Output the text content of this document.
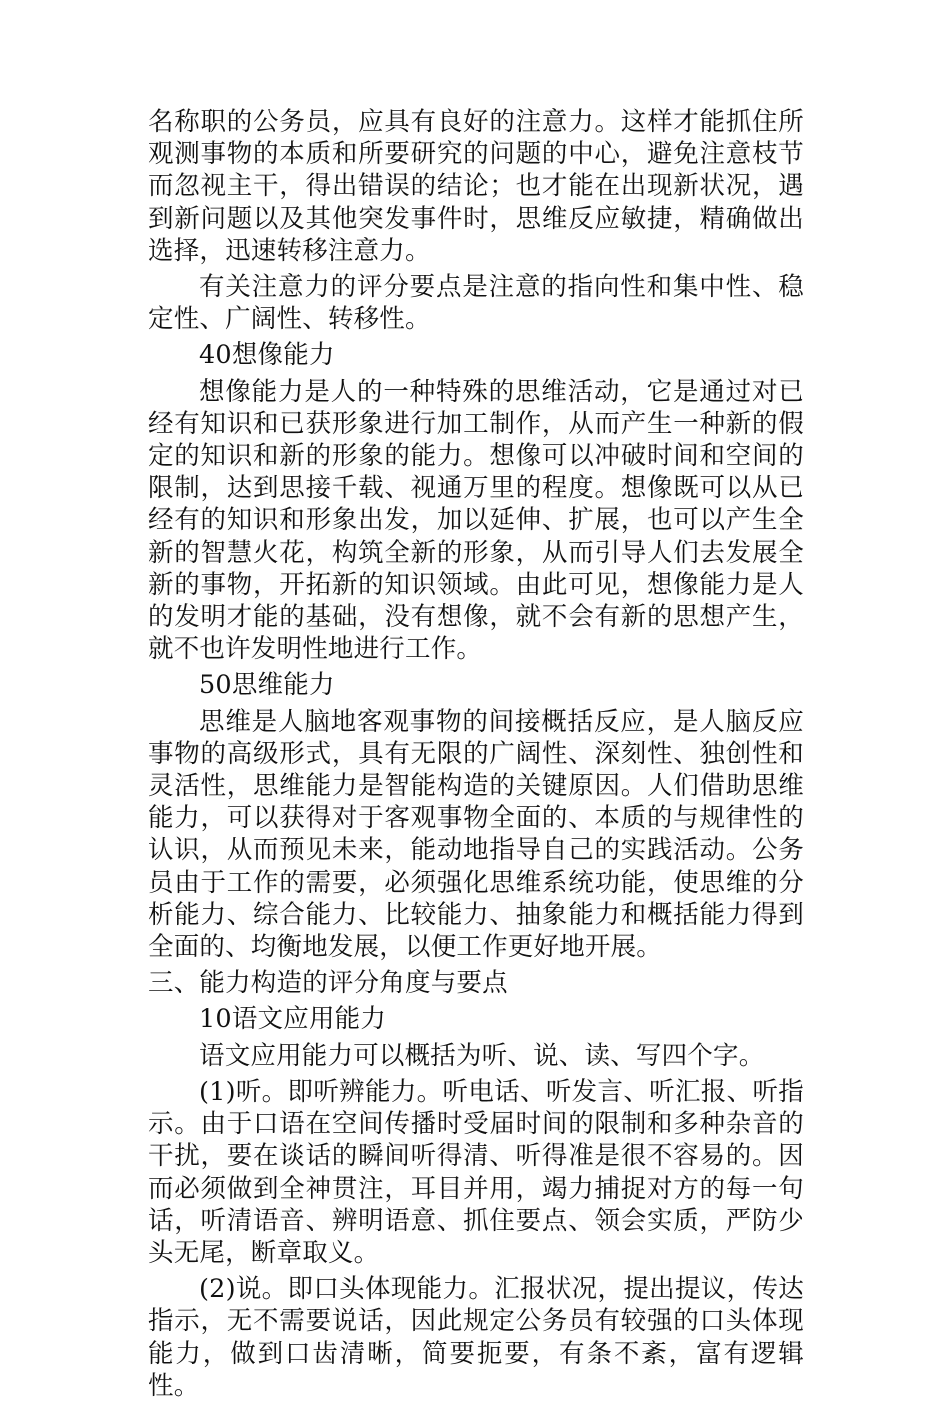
名称职的公务员，应具有良好的注意力。这样才能抓住所观测事物的本质和所要研究的问题的中心，避免注意枝节而忽视主干，得出错误的结论；也才能在出现新状况，遇到新问题以及其他突发事件时，思维反应敏捷，精确做出选择，迅速转移注意力。

有关注意力的评分要点是注意的指向性和集中性、稳定性、广阔性、转移性。

40想像能力

想像能力是人的一种特殊的思维活动，它是通过对已经有知识和已获形象进行加工制作，从而产生一种新的假定的知识和新的形象的能力。想像可以冲破时间和空间的限制，达到思接千载、视通万里的程度。想像既可以从已经有的知识和形象出发，加以延伸、扩展，也可以产生全新的智慧火花，构筑全新的形象，从而引导人们去发展全新的事物，开拓新的知识领域。由此可见，想像能力是人的发明才能的基础，没有想像，就不会有新的思想产生，就不也许发明性地进行工作。

50思维能力

思维是人脑地客观事物的间接概括反应，是人脑反应事物的高级形式，具有无限的广阔性、深刻性、独创性和灵活性，思维能力是智能构造的关键原因。人们借助思维能力，可以获得对于客观事物全面的、本质的与规律性的认识，从而预见未来，能动地指导自己的实践活动。公务员由于工作的需要，必须强化思维系统功能，使思维的分析能力、综合能力、比较能力、抽象能力和概括能力得到全面的、均衡地发展，以便工作更好地开展。

三、能力构造的评分角度与要点

10语文应用能力

语文应用能力可以概括为听、说、读、写四个字。

(1)听。即听辨能力。听电话、听发言、听汇报、听指示。由于口语在空间传播时受届时间的限制和多种杂音的干扰，要在谈话的瞬间听得清、听得准是很不容易的。因而必须做到全神贯注，耳目并用，竭力捕捉对方的每一句话，听清语音、辨明语意、抓住要点、领会实质，严防少头无尾，断章取义。

(2)说。即口头体现能力。汇报状况，提出提议，传达指示，无不需要说话，因此规定公务员有较强的口头体现能力，做到口齿清晰，简要扼要，有条不紊，富有逻辑性。
